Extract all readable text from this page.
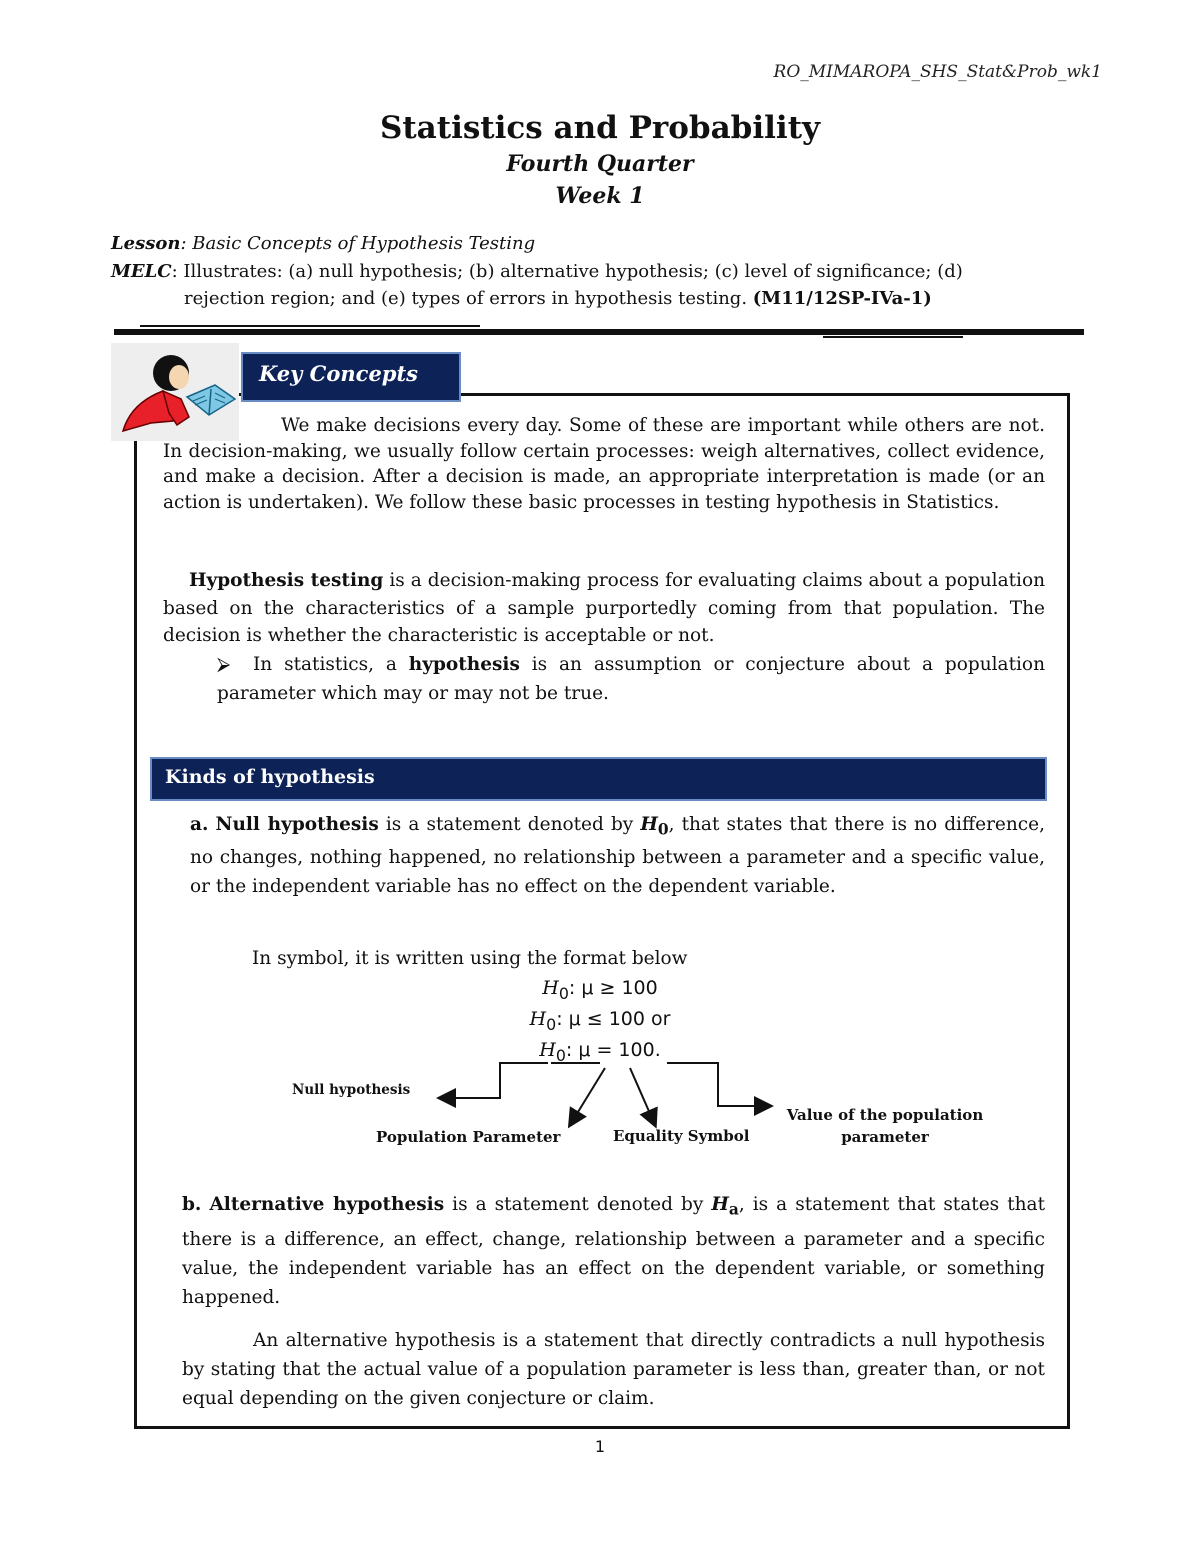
RO_MIMAROPA_SHS_Stat&Prob_wk1
Statistics and Probability
Fourth Quarter
Week 1
Lesson: Basic Concepts of Hypothesis Testing
MELC: Illustrates: (a) null hypothesis; (b) alternative hypothesis; (c) level of significance; (d)
rejection region; and (e) types of errors in hypothesis testing. (M11/12SP-IVa-1)
Key Concepts
We make decisions every day. Some of these are important while others are not. In decision-making, we usually follow certain processes: weigh alternatives, collect evidence, and make a decision. After a decision is made, an appropriate interpretation is made (or an action is undertaken). We follow these basic processes in testing hypothesis in Statistics.
Hypothesis testing is a decision-making process for evaluating claims about a population based on the characteristics of a sample purportedly coming from that population. The decision is whether the characteristic is acceptable or not.
⮚	In statistics, a hypothesis is an assumption or conjecture about a population parameter which may or may not be true.
Kinds of hypothesis
a. Null hypothesis is a statement denoted by $H_0$, that states that there is no difference, no changes, nothing happened, no relationship between a parameter and a specific value, or the independent variable has no effect on the dependent variable.
In symbol, it is written using the format below
$H_0$: μ ≥ 100
$H_0$: μ ≤ 100 or
$H_0$: μ = 100.
Null hypothesis
Population Parameter	Equality Symbol
Value of the population
parameter
b. Alternative hypothesis is a statement denoted by $H_a$, is a statement that states that there is a difference, an effect, change, relationship between a parameter and a specific value, the independent variable has an effect on the dependent variable, or something happened.
An alternative hypothesis is a statement that directly contradicts a null hypothesis by stating that the actual value of a population parameter is less than, greater than, or not equal depending on the given conjecture or claim.
1
